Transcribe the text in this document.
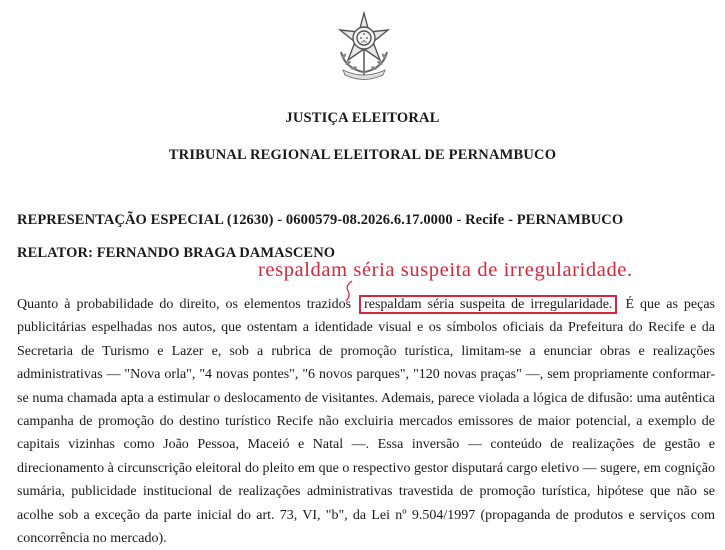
JUSTIÇA ELEITORAL
TRIBUNAL REGIONAL ELEITORAL DE PERNAMBUCO
REPRESENTAÇÃO ESPECIAL (12630) - 0600579-08.2026.6.17.0000 - Recife - PERNAMBUCO
RELATOR: FERNANDO BRAGA DAMASCENO
respaldam séria suspeita de irregularidade.
Quanto à probabilidade do direito, os elementos trazidos respaldam séria suspeita de irregularidade. É que as peças publicitárias espelhadas nos autos, que ostentam a identidade visual e os símbolos oficiais da Prefeitura do Recife e da Secretaria de Turismo e Lazer e, sob a rubrica de promoção turística, limitam-se a enunciar obras e realizações administrativas — "Nova orla", "4 novas pontes", "6 novos parques", "120 novas praças" —, sem propriamente conformar-se numa chamada apta a estimular o deslocamento de visitantes. Ademais, parece violada a lógica de difusão: uma autêntica campanha de promoção do destino turístico Recife não excluiria mercados emissores de maior potencial, a exemplo de capitais vizinhas como João Pessoa, Maceió e Natal —. Essa inversão — conteúdo de realizações de gestão e direcionamento à circunscrição eleitoral do pleito em que o respectivo gestor disputará cargo eletivo — sugere, em cognição sumária, publicidade institucional de realizações administrativas travestida de promoção turística, hipótese que não se acolhe sob a exceção da parte inicial do art. 73, VI, "b", da Lei nº 9.504/1997 (propaganda de produtos e serviços com concorrência no mercado).
